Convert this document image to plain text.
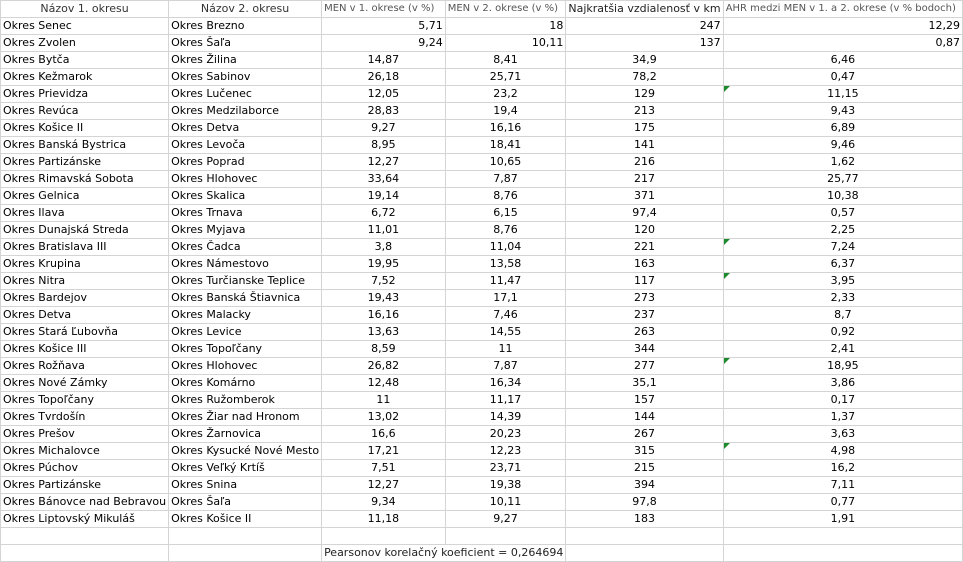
Názov 1. okresu	Názov 2. okresu	MEN v 1. okrese (v %)	MEN v 2. okrese (v %)	Najkratšia vzdialenosť v km	AHR medzi MEN v 1. a 2. okrese (v % bodoch)
Okres Senec	Okres Brezno	5,71	18	247	12,29
Okres Zvolen	Okres Šaľa	9,24	10,11	137	0,87
Okres Bytča	Okres Žilina	14,87	8,41	34,9	6,46
Okres Kežmarok	Okres Sabinov	26,18	25,71	78,2	0,47
Okres Prievidza	Okres Lučenec	12,05	23,2	129	11,15
Okres Revúca	Okres Medzilaborce	28,83	19,4	213	9,43
Okres Košice II	Okres Detva	9,27	16,16	175	6,89
Okres Banská Bystrica	Okres Levoča	8,95	18,41	141	9,46
Okres Partizánske	Okres Poprad	12,27	10,65	216	1,62
Okres Rimavská Sobota	Okres Hlohovec	33,64	7,87	217	25,77
Okres Gelnica	Okres Skalica	19,14	8,76	371	10,38
Okres Ilava	Okres Trnava	6,72	6,15	97,4	0,57
Okres Dunajská Streda	Okres Myjava	11,01	8,76	120	2,25
Okres Bratislava III	Okres Čadca	3,8	11,04	221	7,24
Okres Krupina	Okres Námestovo	19,95	13,58	163	6,37
Okres Nitra	Okres Turčianske Teplice	7,52	11,47	117	3,95
Okres Bardejov	Okres Banská Štiavnica	19,43	17,1	273	2,33
Okres Detva	Okres Malacky	16,16	7,46	237	8,7
Okres Stará Ľubovňa	Okres Levice	13,63	14,55	263	0,92
Okres Košice III	Okres Topoľčany	8,59	11	344	2,41
Okres Rožňava	Okres Hlohovec	26,82	7,87	277	18,95
Okres Nové Zámky	Okres Komárno	12,48	16,34	35,1	3,86
Okres Topoľčany	Okres Ružomberok	11	11,17	157	0,17
Okres Tvrdošín	Okres Žiar nad Hronom	13,02	14,39	144	1,37
Okres Prešov	Okres Žarnovica	16,6	20,23	267	3,63
Okres Michalovce	Okres Kysucké Nové Mesto	17,21	12,23	315	4,98
Okres Púchov	Okres Veľký Krtíš	7,51	23,71	215	16,2
Okres Partizánske	Okres Snina	12,27	19,38	394	7,11
Okres Bánovce nad Bebravou	Okres Šaľa	9,34	10,11	97,8	0,77
Okres Liptovský Mikuláš	Okres Košice II	11,18	9,27	183	1,91

		Pearsonov korelačný koeficient = 0,264694			
